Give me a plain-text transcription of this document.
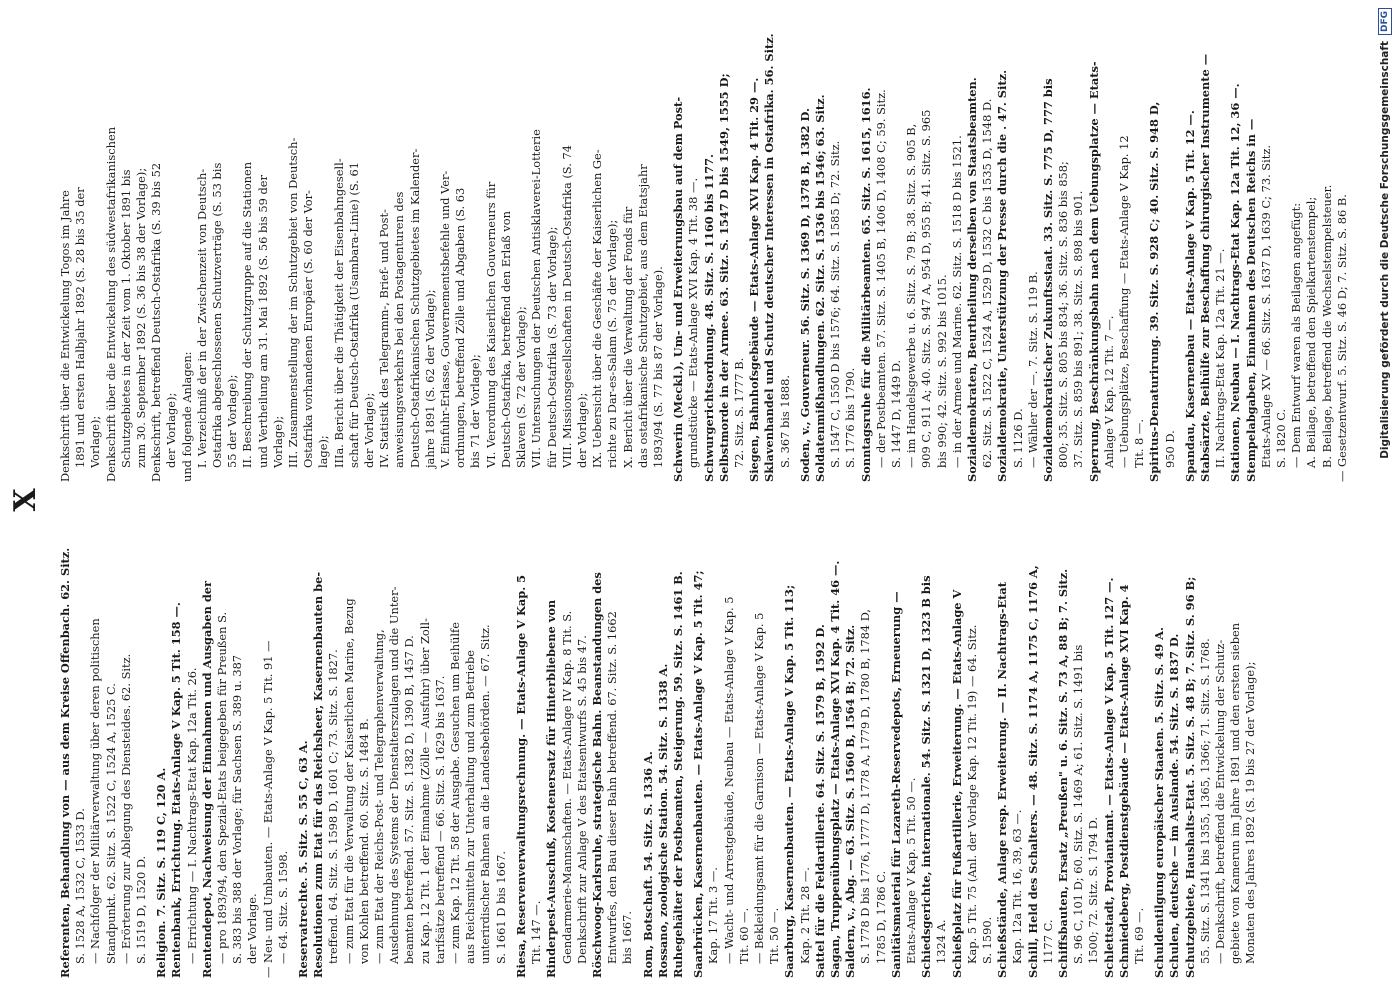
X
Referenten, Behandlung von — aus dem Kreise Offenbach. 62. Sitz. S. 1528 A, 1532 C, 1533 D. — Nachfolger der Militärverwaltung über deren politischen Standpunkt. 62. Sitz. S. 1522 C, 1524 A, 1525 C. — Erörterung zur Ablegung des Diensteides. 62. Sitz. S. 1519 D, 1520 D. Religion. 7. Sitz. S. 119 C, 120 A. Rentenbank, Errichtung. Etats-Anlage V Kap. 5 Tit. 158 —. — Errichtung — I. Nachtrags-Etat Kap. 12a Tit. 26. Rentendepot, Nachweisung der Einnahmen und Ausgaben der — pro 1893/94, den Spezial-Etats beigegeben für Preußen S. S. 383 bis 388 der Vorlage; für Sachsen S. 389 u. 387 der Vorlage. — Neu- und Umbauten. — Etats-Anlage V Kap. 5 Tit. 91 — — 64. Sitz. S. 1598. Reservatrechte. 5. Sitz. S. 55 C, 63 A. Resolutionen zum Etat für das Reichsheer, Kasernenbauten be- treffend. 64. Sitz. S. 1598 D, 1601 C; 73. Sitz. S. 1827. — zum Etat für die Verwaltung der Kaiserlichen Marine, Bezug von Kohlen betreffend. 60. Sitz. S. 1484 B. — zum Etat der Reichs-Post- und Telegraphenverwaltung, Ausdehnung des Systems der Dienstalterszulagen und die Unter- beamten betreffend. 57. Sitz. S. 1382 D, 1390 B, 1457 D. zu Kap. 12 Tit. 1 der Einnahme (Zölle — Ausfuhr) über Zoll- tarifsätze betreffend — 66. Sitz. S. 1629 bis 1637. — zum Kap. 12 Tit. 58 der Ausgabe. Gesuchen um Beihülfe aus Reichsmitteln zur Unterhaltung und zum Betriebe unterirdischer Bahnen an die Landesbehörden. — 67. Sitz. S. 1661 D bis 1667. Riesa, Reservenverwaltungsrechnung. — Etats-Anlage V Kap. 5 Tit. 147 —. Rinderpest-Ausschuß, Kostenersatz für Hinterbliebene von Gendarmerie-Mannschaften. — Etats-Anlage IV Kap. 8 Tit. S. Denkschrift zur Anlage V des Etatsentwurfs S. 45 bis 47. Röschwoog-Karlsruhe, strategische Bahn. Beanstandungen des Entwurfes, den Bau dieser Bahn betreffend. 67. Sitz. S. 1662 bis 1667. Rom, Botschaft. 54. Sitz. S. 1336 A. Rossano, zoologische Station. 54. Sitz. S. 1338 A. Ruhegehälter der Postbeamten, Steigerung. 59. Sitz. S. 1461 B. Saarbrücken, Kasernenbauten. — Etats-Anlage V Kap. 5 Tit. 47; Kap. 17 Tit. 3 —. — Wacht- und Arrestgebäude, Neubau — Etats-Anlage V Kap. 5 Tit. 60 —. — Bekleidungsamt für die Garnison — Etats-Anlage V Kap. 5 Tit. 50 —. Saarburg, Kasernenbauten. — Etats-Anlage V Kap. 5 Tit. 113; Kap. 2 Tit. 28 —. Sattel für die Feldartillerie. 64. Sitz. S. 1579 B, 1592 D. Sagan, Truppenübungsplatz — Etats-Anlage XVI Kap. 4 Tit. 46 —. Saldern, v., Abg. — 63. Sitz. S. 1560 B, 1564 B; 72. Sitz. S. 1778 D bis 1776, 1777 D, 1778 A, 1779 D, 1780 B, 1784 D, 1785 D, 1786 C. Sanitätsmaterial für Lazareth-Reservedepots, Erneuerung — Etats-Anlage V Kap. 5 Tit. 50 —. Schiedsgerichte, internationale. 54. Sitz. S. 1321 D, 1323 B bis 1324 A. Schießplatz für Fußartillerie, Erweiterung. — Etats-Anlage V Kap. 5 Tit. 75 (Anl. der Vorlage Kap. 12 Tit. 19) — 64. Sitz. S. 1590. Schießstände, Anlage resp. Erweiterung. — II. Nachtrags-Etat Kap. 12a Tit. 16, 39, 63 —. Schill, Held des Schalters. — 48. Sitz. S. 1174 A, 1175 C, 1176 A, 1177 C. Schiffsbauten, Ersatz „Preußen" u. 6. Sitz. S. 73 A, 88 B; 7. Sitz. S. 96 C, 101 D; 60. Sitz. S. 1469 A; 61. Sitz. S. 1491 bis 1500; 72. Sitz. S. 1794 D. Schlettstadt, Proviantamt. — Etats-Anlage V Kap. 5 Tit. 127 —. Schmiedeberg, Postdienstgebäude — Etats-Anlage XVI Kap. 4 Tit. 69 —. Schuldentilgung europäischer Staaten. 5. Sitz. S. 49 A. Schulen, deutsche — im Auslande. 54. Sitz. S. 1837 D. Schutzgebiete, Haushalts-Etat. 5. Sitz. S. 48 B; 7. Sitz. S. 96 B; 55. Sitz. S. 1341 bis 1355, 1365, 1366; 71. Sitz. S. 1768. — Denkschrift, betreffend die Entwickelung der Schutz- gebiete von Kamerun im Jahre 1891 und den ersten sieben Monaten des Jahres 1892 (S. 19 bis 27 der Vorlage);
Denkschrift über die Entwickelung Togos im Jahre 1891 und ersten Halbjahr 1892 (S. 28 bis 35 der Vorlage); Denkschrift über die Entwickelung des südwestafrikanischen Schutzgebietes in der Zeit vom 1. Oktober 1891 bis zum 30. September 1892 (S. 36 bis 38 der Vorlage); Denkschrift, betreffend Deutsch-Ostafrika (S. 39 bis 52 der Vorlage); und folgende Anlagen: I. Verzeichniß der in der Zwischenzeit von Deutsch- Ostafrika abgeschlossenen Schutzverträge (S. 53 bis 55 der Vorlage); II. Beschreibung der Schutzgruppe auf die Stationen und Vertheilung am 31. Mai 1892 (S. 56 bis 59 der Vorlage); III. Zusammenstellung der im Schutzgebiet von Deutsch- Ostafrika vorhandenen Europäer (S. 60 der Vor- lage); IIIa. Bericht über die Thätigkeit der Eisenbahngesell- schaft für Deutsch-Ostafrika (Usambara-Linie) (S. 61 der Vorlage); IV. Statistik des Telegramm-, Brief- und Post- anweisungsverkehrs bei den Postagenturen des Deutsch-Ostafrikanischen Schutzgebietes im Kalender- jahre 1891 (S. 62 der Vorlage); V. Einfuhr-Erlasse, Gouvernementsbefehle und Ver- ordnungen, betreffend Zölle und Abgaben (S. 63 bis 71 der Vorlage); VI. Verordnung des Kaiserlichen Gouverneurs für Deutsch-Ostafrika, betreffend den Erlaß von Sklaven (S. 72 der Vorlage); VII. Untersuchungen der Deutschen Antisklaverei-Lotterie für Deutsch-Ostafrika (S. 73 der Vorlage); VIII. Missionsgesellschaften in Deutsch-Ostafrika (S. 74 der Vorlage); IX. Uebersicht über die Geschäfte der Kaiserlichen Ge- richte zu Dar-es-Salam (S. 75 der Vorlage); X. Bericht über die Verwaltung der Fonds für das ostafrikanische Schutzgebiet, aus dem Etatsjahr 1893/94 (S. 77 bis 87 der Vorlage). Schwerin (Meckl.), Um- und Erweiterungsbau auf dem Post- grundstücke — Etats-Anlage XVI Kap. 4 Tit. 38 —. Schwurgerichtsordnung. 48. Sitz. S. 1160 bis 1177. Selbstmorde in der Armee. 63. Sitz. S. 1547 D bis 1549, 1555 D; 72. Sitz. S. 1777 B. Siegen, Bahnhofsgebäude — Etats-Anlage XVI Kap. 4 Tit. 29 —. Sklavenhandel und Schutz deutscher Interessen in Ostafrika. 56. Sitz. S. 367 bis 1888. Soden, v., Gouverneur. 56. Sitz. S. 1369 D, 1378 B, 1382 D. Soldatenmißhandlungen. 62. Sitz. S. 1536 bis 1546; 63. Sitz. S. 1547 C, 1550 D bis 1576; 64. Sitz. S. 1585 D; 72. Sitz. S. 1776 bis 1790. Sonntagsruhe für die Militärbeamten. 65. Sitz. S. 1615, 1616. — der Postbeamten. 57. Sitz. S. 1405 B, 1406 D, 1408 C; 59. Sitz. S. 1447 D, 1449 D. — im Handelsgewerbe u. 6. Sitz. S. 79 B; 38. Sitz. S. 905 B, 909 C, 911 A; 40. Sitz. S. 947 A, 954 D, 955 B; 41. Sitz. S. 965 bis 990; 42. Sitz. S. 992 bis 1015. — in der Armee und Marine. 62. Sitz. S. 1518 D bis 1521. Sozialdemokraten, Beurtheilung derselben von Staatsbeamten. 62. Sitz. S. 1522 C, 1524 A, 1529 D, 1532 C bis 1535 D, 1548 D. Sozialdemokratie, Unterstützung der Presse durch die . 47. Sitz. S. 1126 D. — Wähler der —. 7. Sitz. S. 119 B. Sozialdemokratischer Zukunftsstaat. 33. Sitz. S. 775 D, 777 bis 800; 35. Sitz. S. 805 bis 834; 36. Sitz. S. 836 bis 858; 37. Sitz. S. 859 bis 891; 38. Sitz. S. 898 bis 901. Sperrung, Beschränkungsbahn nach dem Uebungsplatze — Etats- Anlage V Kap. 12 Tit. 7 —. — Uebungsplätze, Beschaffung — Etats-Anlage V Kap. 12 Tit. 8 —. Spiritus-Denaturirung. 39. Sitz. S. 928 C; 40. Sitz. S. 948 D, 950 D. Spandau, Kasernenbau — Etats-Anlage V Kap. 5 Tit. 12 —. Stabsärzte, Beihülfe zur Beschaffung chirurgischer Instrumente — II. Nachtrags-Etat Kap. 12a Tit. 21 —. Stationen, Neubau — I. Nachtrags-Etat Kap. 12a Tit. 12, 36 —. Stempelabgaben, Einnahmen des Deutschen Reichs in — Etats-Anlage XV — 66. Sitz. S. 1637 D, 1639 C; 73. Sitz. S. 1820 C. — Dem Entwurf waren als Beilagen angefügt: A. Beilage, betreffend den Spielkartenstempel; B. Beilage, betreffend die Wechselstempelsteuer. — Gesetzentwurf. 5. Sitz. S. 46 D; 7. Sitz. S. 86 B.	Digitalisierung gefördert durch die Deutsche Forschungsgemeinschaft
DFG
